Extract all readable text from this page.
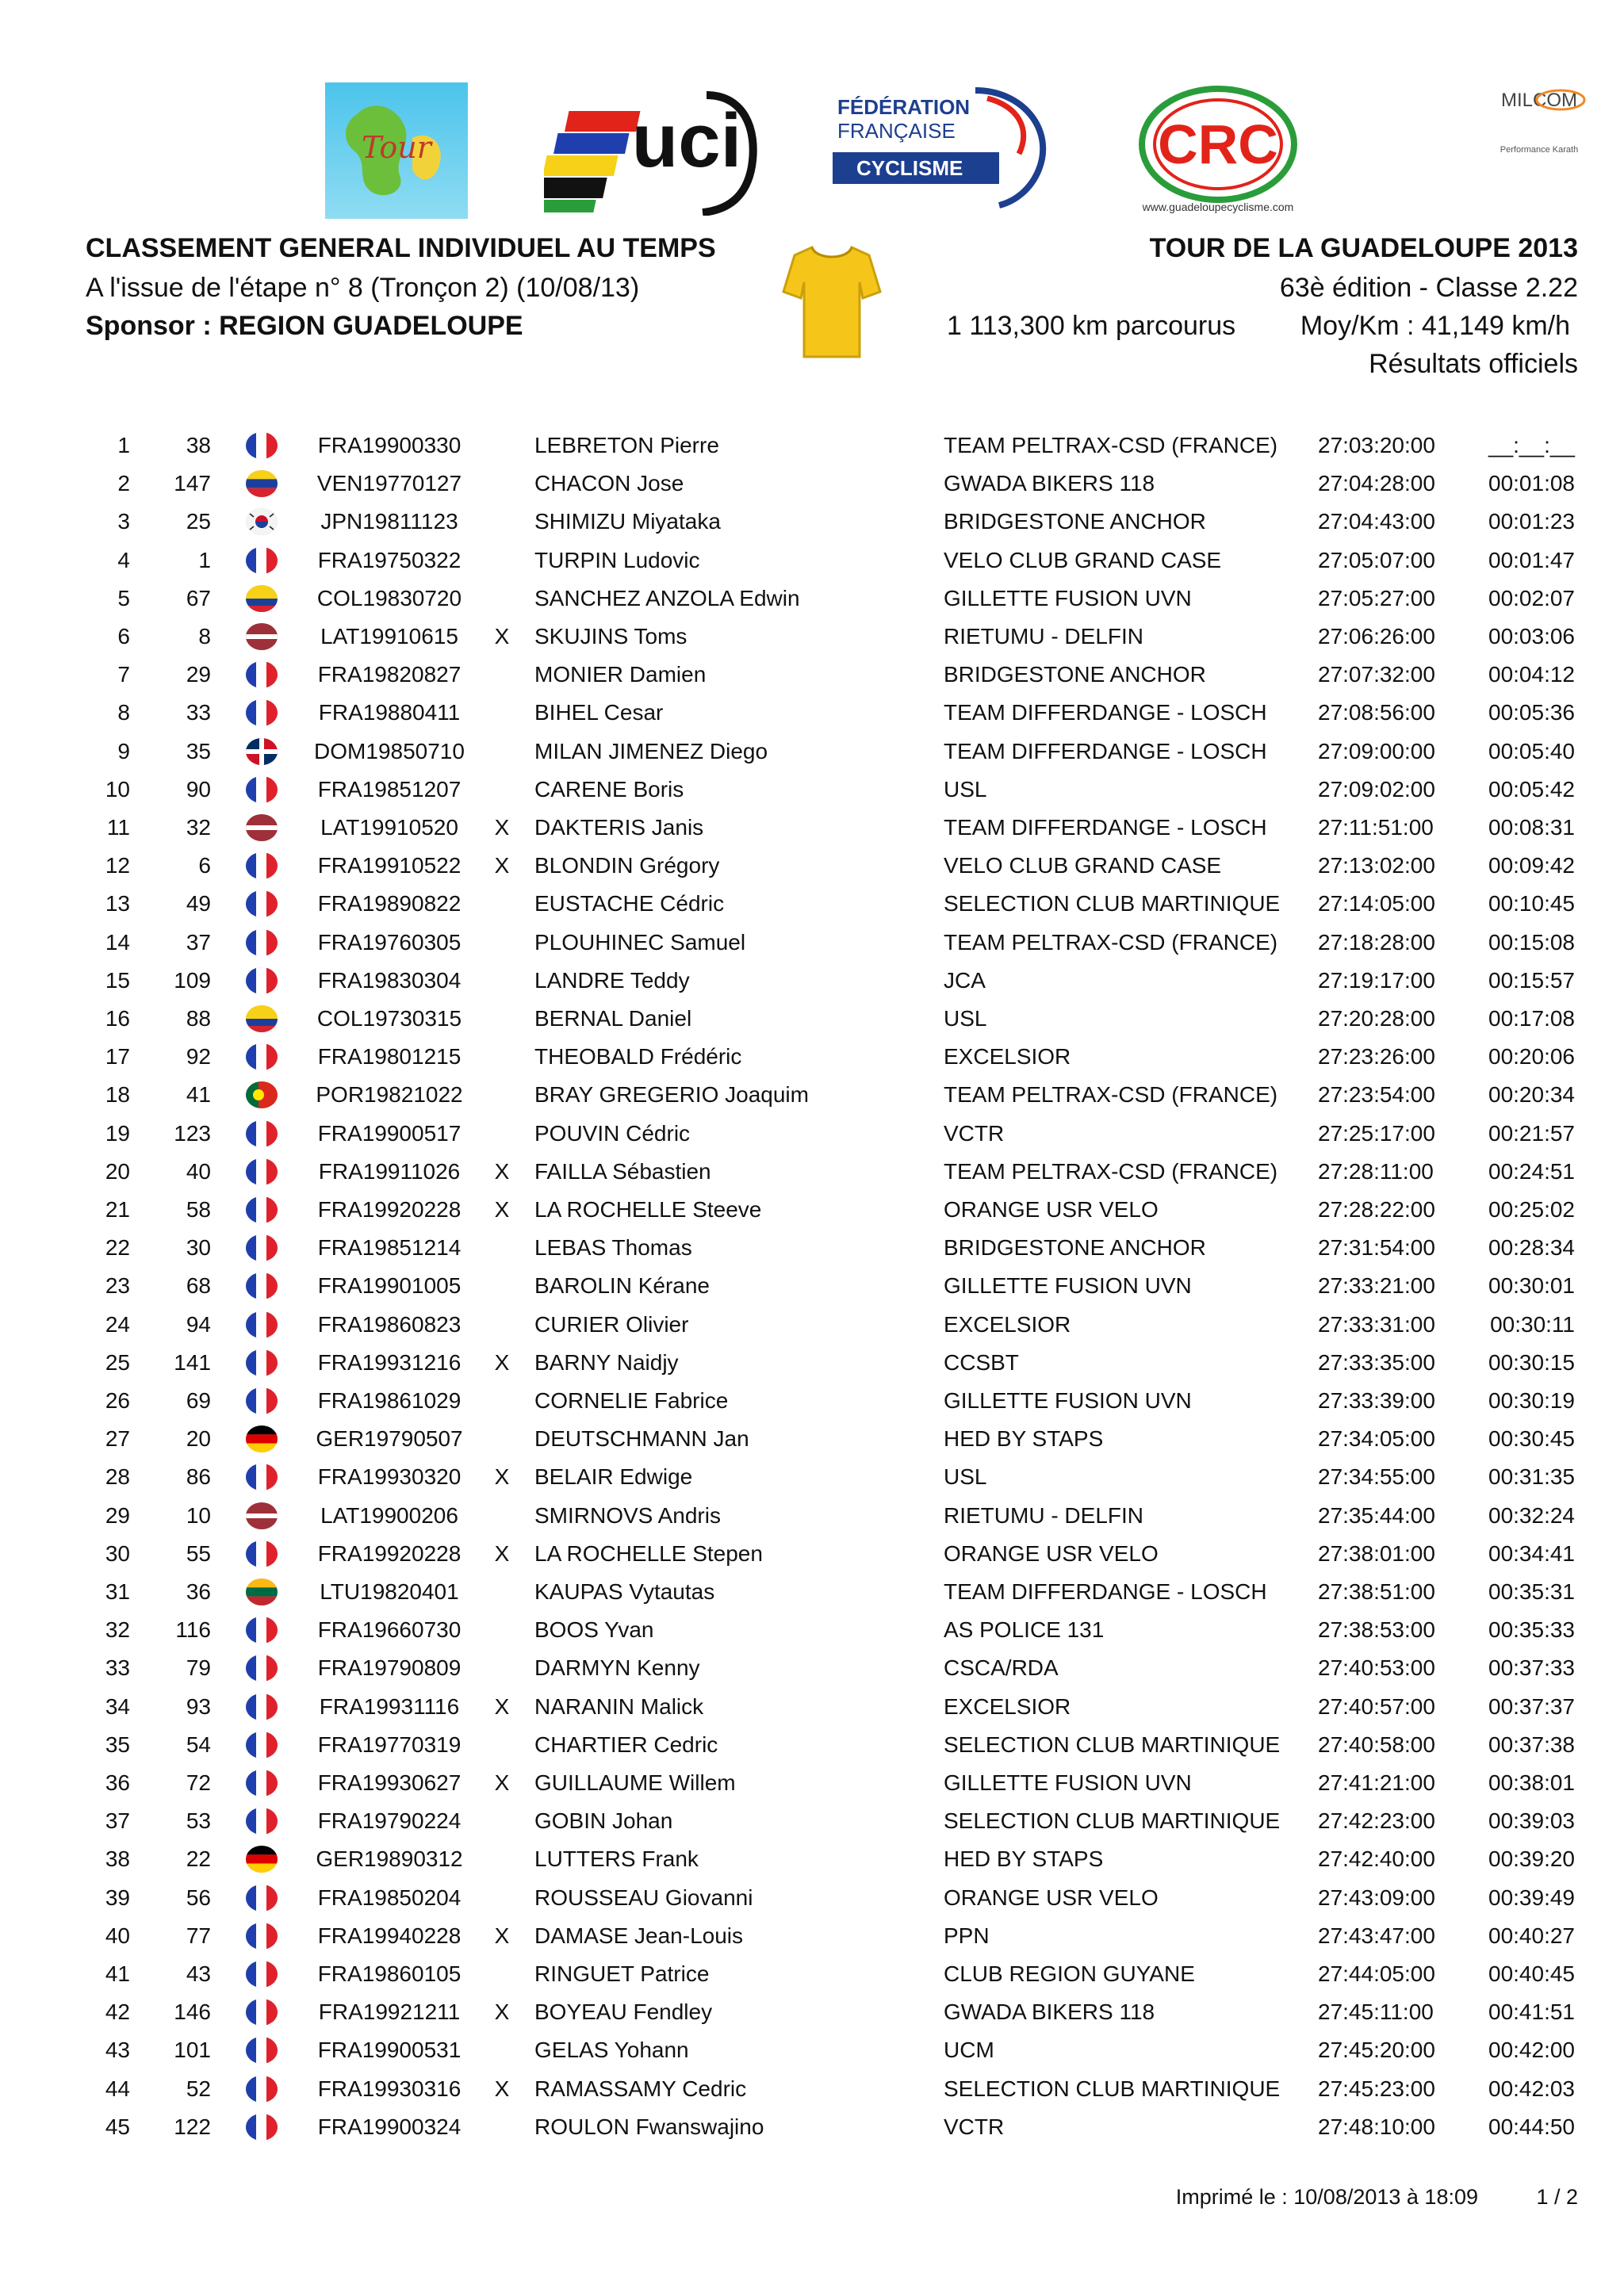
Tour	uci	FÉDÉRATION
FRANÇAISE
CYCLISME	CRC
www.guadeloupecyclisme.com
MILCOM
Performance Karath
CLASSEMENT GENERAL INDIVIDUEL AU TEMPS
A l'issue de l'étape n° 8 (Tronçon 2) (10/08/13)
Sponsor : REGION GUADELOUPE
TOUR DE LA GUADELOUPE 2013
63è édition - Classe 2.22
1 113,300 km parcourus Moy/Km : 41,149 km/h
Résultats officiels
1	38	FRA19900330	LEBRETON Pierre	TEAM PELTRAX-CSD (FRANCE) 27:03:20:00	__:__:__
2	147	VEN19770127	CHACON Jose	GWADA BIKERS 118	27:04:28:00	00:01:08
3	25	JPN19811123	SHIMIZU Miyataka	BRIDGESTONE ANCHOR	27:04:43:00	00:01:23
4	1	FRA19750322	TURPIN Ludovic	VELO CLUB GRAND CASE	27:05:07:00	00:01:47
5	67	COL19830720	SANCHEZ ANZOLA Edwin	GILLETTE FUSION UVN	27:05:27:00	00:02:07
6	8	LAT19910615	X SKUJINS Toms	RIETUMU - DELFIN	27:06:26:00	00:03:06
7	29	FRA19820827	MONIER Damien	BRIDGESTONE ANCHOR	27:07:32:00	00:04:12
8	33	FRA19880411	BIHEL Cesar	TEAM DIFFERDANGE - LOSCH 27:08:56:00	00:05:36
9	35	DOM19850710	MILAN JIMENEZ Diego	TEAM DIFFERDANGE - LOSCH 27:09:00:00	00:05:40
10	90	FRA19851207	CARENE Boris	USL	27:09:02:00	00:05:42
11	32	LAT19910520	X DAKTERIS Janis	TEAM DIFFERDANGE - LOSCH 27:11:51:00	00:08:31
12	6	FRA19910522	X BLONDIN Grégory	VELO CLUB GRAND CASE	27:13:02:00	00:09:42
13	49	FRA19890822	EUSTACHE Cédric	SELECTION CLUB MARTINIQUE 27:14:05:00	00:10:45
14	37	FRA19760305	PLOUHINEC Samuel	TEAM PELTRAX-CSD (FRANCE) 27:18:28:00	00:15:08
15	109	FRA19830304	LANDRE Teddy	JCA	27:19:17:00	00:15:57
16	88	COL19730315	BERNAL Daniel	USL	27:20:28:00	00:17:08
17	92	FRA19801215	THEOBALD Frédéric	EXCELSIOR	27:23:26:00	00:20:06
18	41	POR19821022	BRAY GREGERIO Joaquim	TEAM PELTRAX-CSD (FRANCE) 27:23:54:00	00:20:34
19	123	FRA19900517	POUVIN Cédric	VCTR	27:25:17:00	00:21:57
20	40	FRA19911026	X FAILLA Sébastien	TEAM PELTRAX-CSD (FRANCE) 27:28:11:00	00:24:51
21	58	FRA19920228	X LA ROCHELLE Steeve	ORANGE USR VELO	27:28:22:00	00:25:02
22	30	FRA19851214	LEBAS Thomas	BRIDGESTONE ANCHOR	27:31:54:00	00:28:34
23	68	FRA19901005	BAROLIN Kérane	GILLETTE FUSION UVN	27:33:21:00	00:30:01
24	94	FRA19860823	CURIER Olivier	EXCELSIOR	27:33:31:00	00:30:11
25	141	FRA19931216	X BARNY Naidjy	CCSBT	27:33:35:00	00:30:15
26	69	FRA19861029	CORNELIE Fabrice	GILLETTE FUSION UVN	27:33:39:00	00:30:19
27	20	GER19790507	DEUTSCHMANN Jan	HED BY STAPS	27:34:05:00	00:30:45
28	86	FRA19930320	X BELAIR Edwige	USL	27:34:55:00	00:31:35
29	10	LAT19900206	SMIRNOVS Andris	RIETUMU - DELFIN	27:35:44:00	00:32:24
30	55	FRA19920228	X LA ROCHELLE Stepen	ORANGE USR VELO	27:38:01:00	00:34:41
31	36	LTU19820401	KAUPAS Vytautas	TEAM DIFFERDANGE - LOSCH 27:38:51:00	00:35:31
32	116	FRA19660730	BOOS Yvan	AS POLICE 131	27:38:53:00	00:35:33
33	79	FRA19790809	DARMYN Kenny	CSCA/RDA	27:40:53:00	00:37:33
34	93	FRA19931116	X NARANIN Malick	EXCELSIOR	27:40:57:00	00:37:37
35	54	FRA19770319	CHARTIER Cedric	SELECTION CLUB MARTINIQUE 27:40:58:00	00:37:38
36	72	FRA19930627	X GUILLAUME Willem	GILLETTE FUSION UVN	27:41:21:00	00:38:01
37	53	FRA19790224	GOBIN Johan	SELECTION CLUB MARTINIQUE 27:42:23:00	00:39:03
38	22	GER19890312	LUTTERS Frank	HED BY STAPS	27:42:40:00	00:39:20
39	56	FRA19850204	ROUSSEAU Giovanni	ORANGE USR VELO	27:43:09:00	00:39:49
40	77	FRA19940228	X DAMASE Jean-Louis	PPN	27:43:47:00	00:40:27
41	43	FRA19860105	RINGUET Patrice	CLUB REGION GUYANE	27:44:05:00	00:40:45
42	146	FRA19921211	X BOYEAU Fendley	GWADA BIKERS 118	27:45:11:00	00:41:51
43	101	FRA19900531	GELAS Yohann	UCM	27:45:20:00	00:42:00
44	52	FRA19930316	X RAMASSAMY Cedric	SELECTION CLUB MARTINIQUE 27:45:23:00	00:42:03
45	122	FRA19900324	ROULON Fwanswajino	VCTR	27:48:10:00	00:44:50
Imprimé le : 10/08/2013 à 18:09	1 / 2
